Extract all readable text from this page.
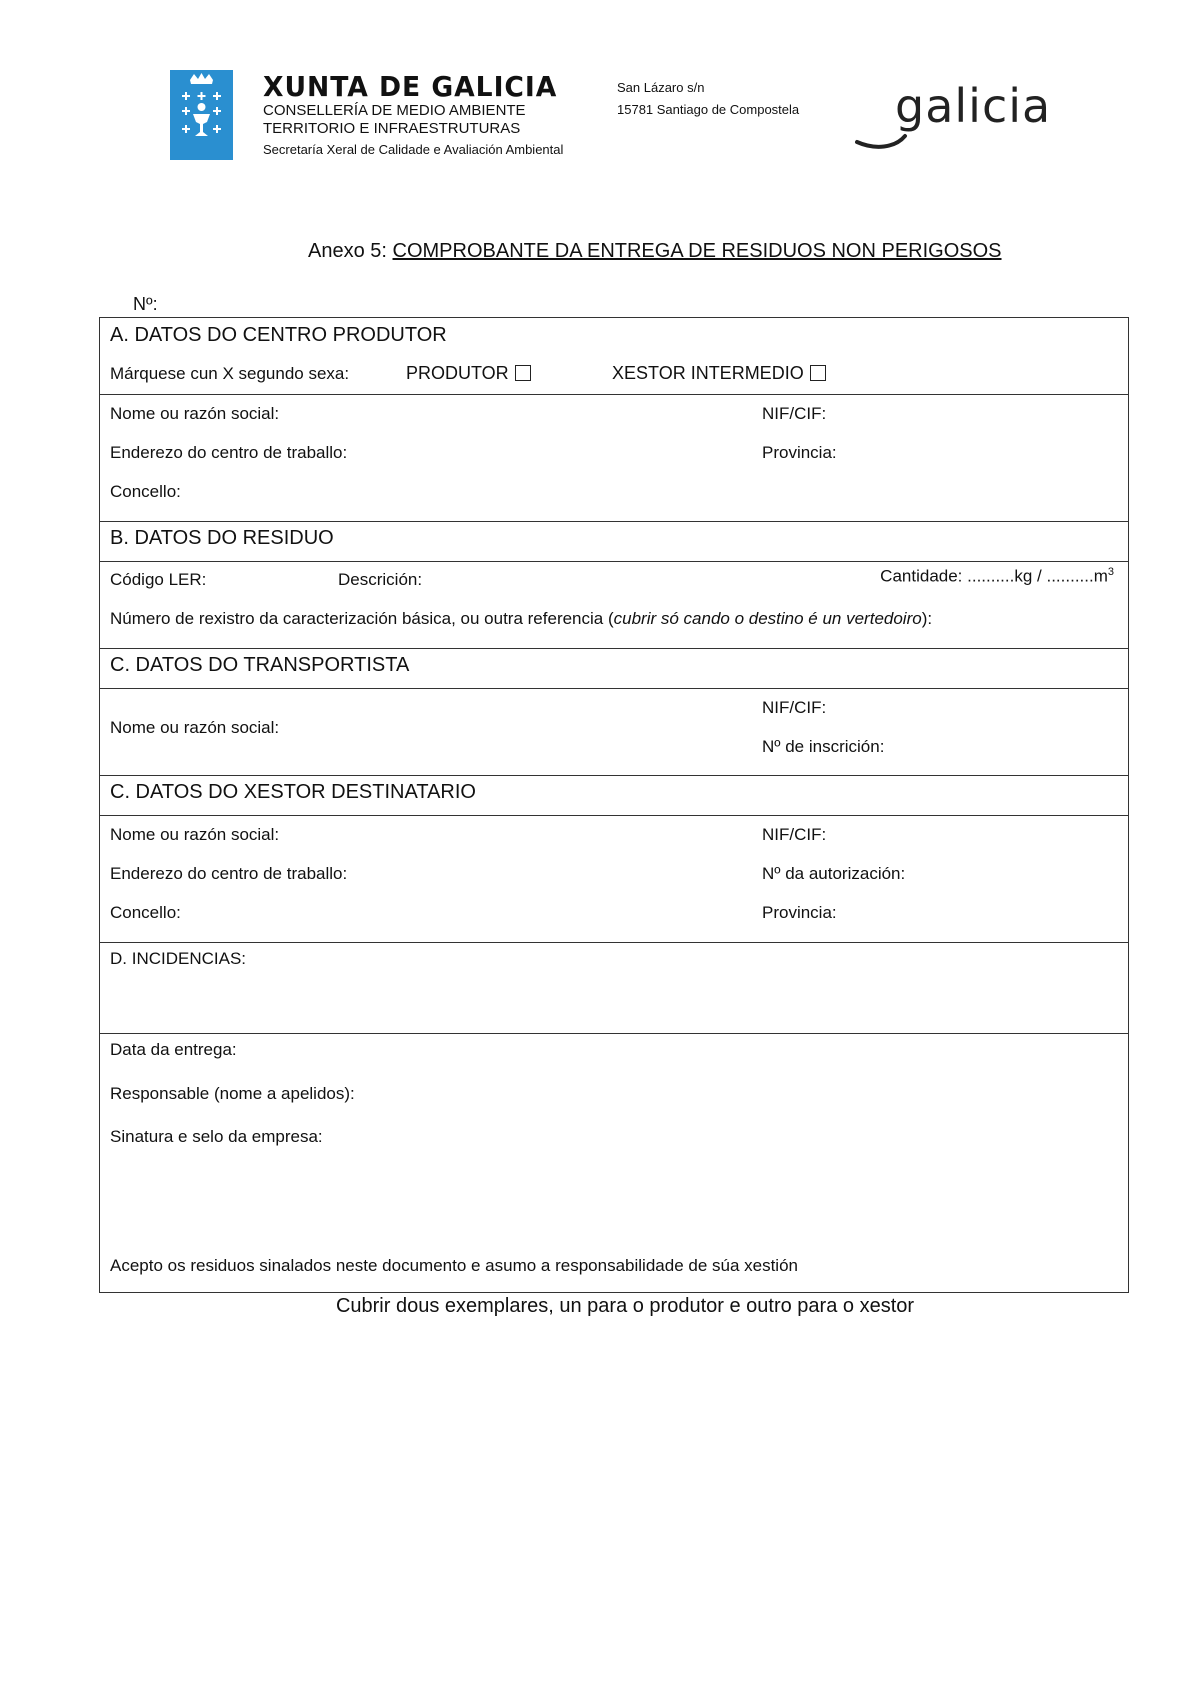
XUNTA DE GALICIA
CONSELLERÍA DE MEDIO AMBIENTE
TERRITORIO E INFRAESTRUTURAS
Secretaría Xeral de Calidade e Avaliación Ambiental
San Lázaro s/n
15781 Santiago de Compostela galicia
Anexo 5: COMPROBANTE DA ENTREGA DE RESIDUOS NON PERIGOSOS
Nº:
A. DATOS DO CENTRO PRODUTOR
Márquese cun X segundo sexa:	PRODUTOR	XESTOR INTERMEDIO
Nome ou razón social:	NIF/CIF:
Enderezo do centro de traballo:	Provincia:
Concello:
B. DATOS DO RESIDUO
Código LER:	Descrición:	Cantidade: ..........kg / $..........m^3$
Número de rexistro da caracterización básica, ou outra referencia (cubrir só cando o destino é un vertedoiro):
C. DATOS DO TRANSPORTISTA
Nome ou razón social:
NIF/CIF:
Nº de inscrición:
C. DATOS DO XESTOR DESTINATARIO
Nome ou razón social:	NIF/CIF:
Enderezo do centro de traballo:	Nº da autorización:
Concello:	Provincia:
D. INCIDENCIAS:
Data da entrega:
Responsable (nome a apelidos):
Sinatura e selo da empresa:
Acepto os residuos sinalados neste documento e asumo a responsabilidade de súa xestión
Cubrir dous exemplares, un para o produtor e outro para o xestor
